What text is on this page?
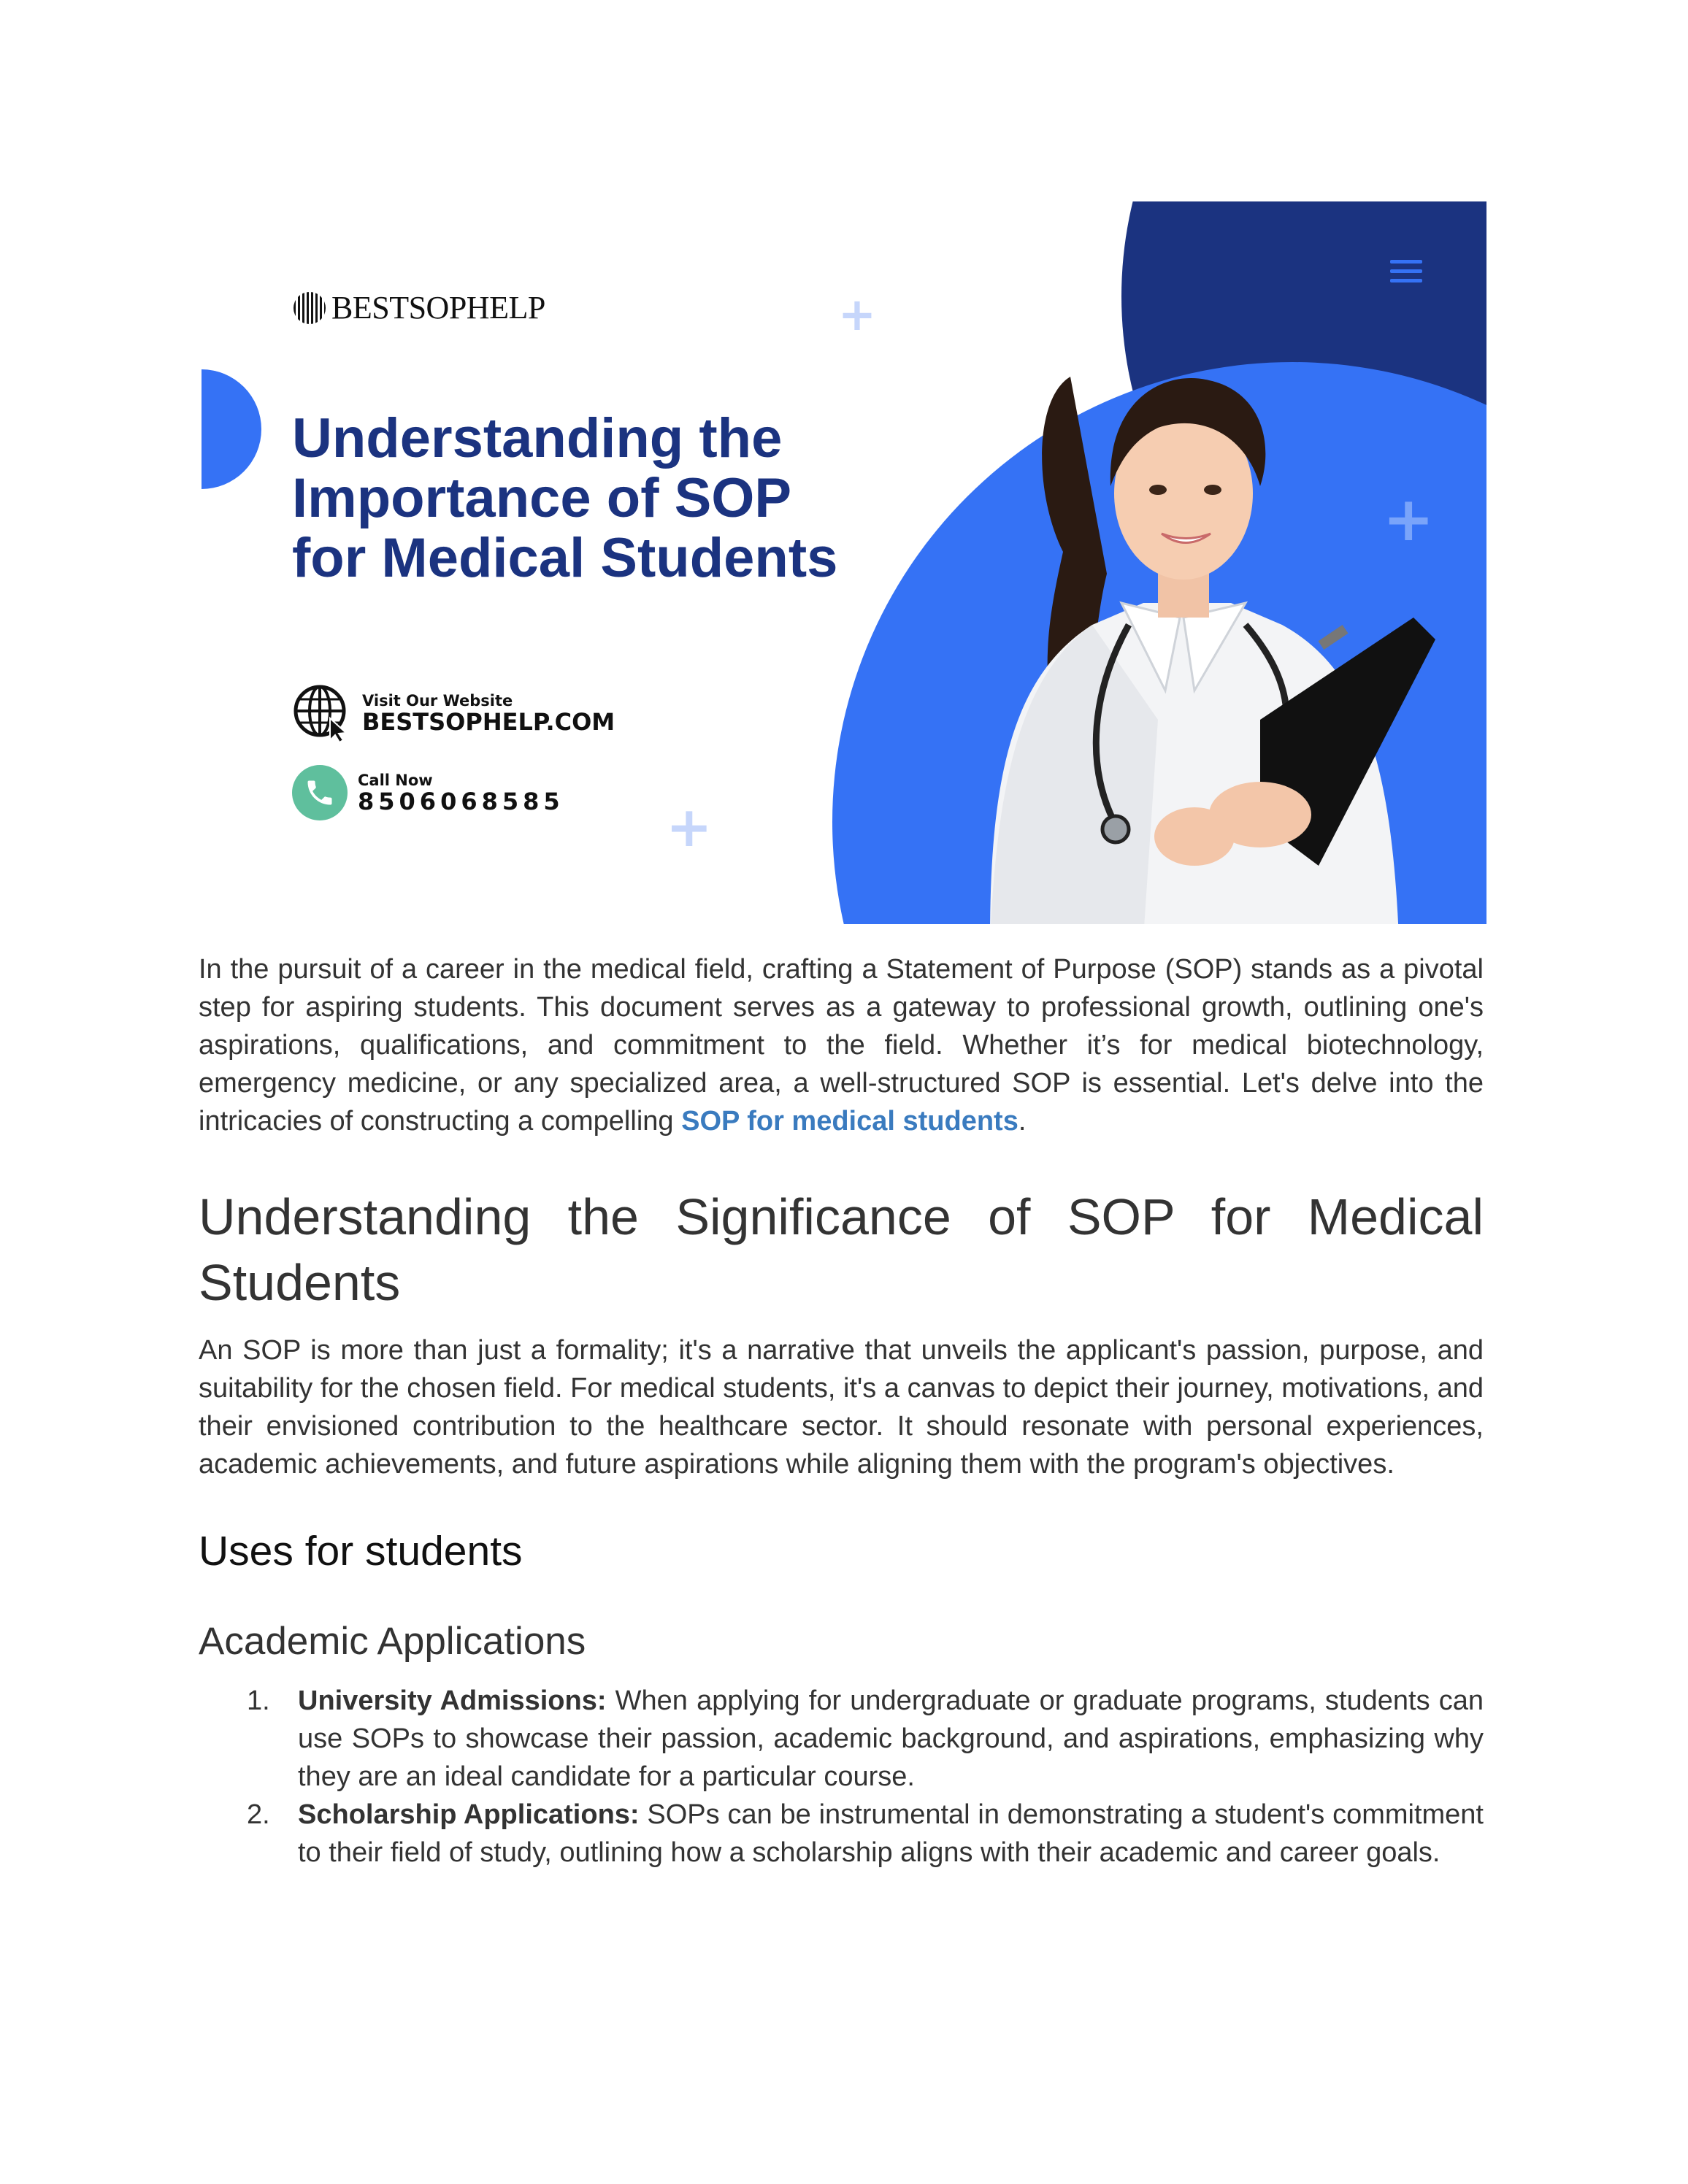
+
+
+
BESTSOPHELP
Understanding the
Importance of SOP
for Medical Students
Visit Our Website
BESTSOPHELP.COM
Call Now
8506068585

In the pursuit of a career in the medical field, crafting a Statement of Purpose (SOP) stands as a pivotal step for aspiring students. This document serves as a gateway to professional growth, outlining one's aspirations, qualifications, and commitment to the field. Whether it’s for medical biotechnology, emergency medicine, or any specialized area, a well-structured SOP is essential. Let's delve into the intricacies of constructing a compelling SOP for medical students.

Understanding the Significance of SOP for Medical Students

An SOP is more than just a formality; it's a narrative that unveils the applicant's passion, purpose, and suitability for the chosen field. For medical students, it's a canvas to depict their journey, motivations, and their envisioned contribution to the healthcare sector. It should resonate with personal experiences, academic achievements, and future aspirations while aligning them with the program's objectives.

Uses for students
Academic Applications
1. University Admissions: When applying for undergraduate or graduate programs, students can use SOPs to showcase their passion, academic background, and aspirations, emphasizing why they are an ideal candidate for a particular course.
2. Scholarship Applications: SOPs can be instrumental in demonstrating a student's commitment to their field of study, outlining how a scholarship aligns with their academic and career goals.
